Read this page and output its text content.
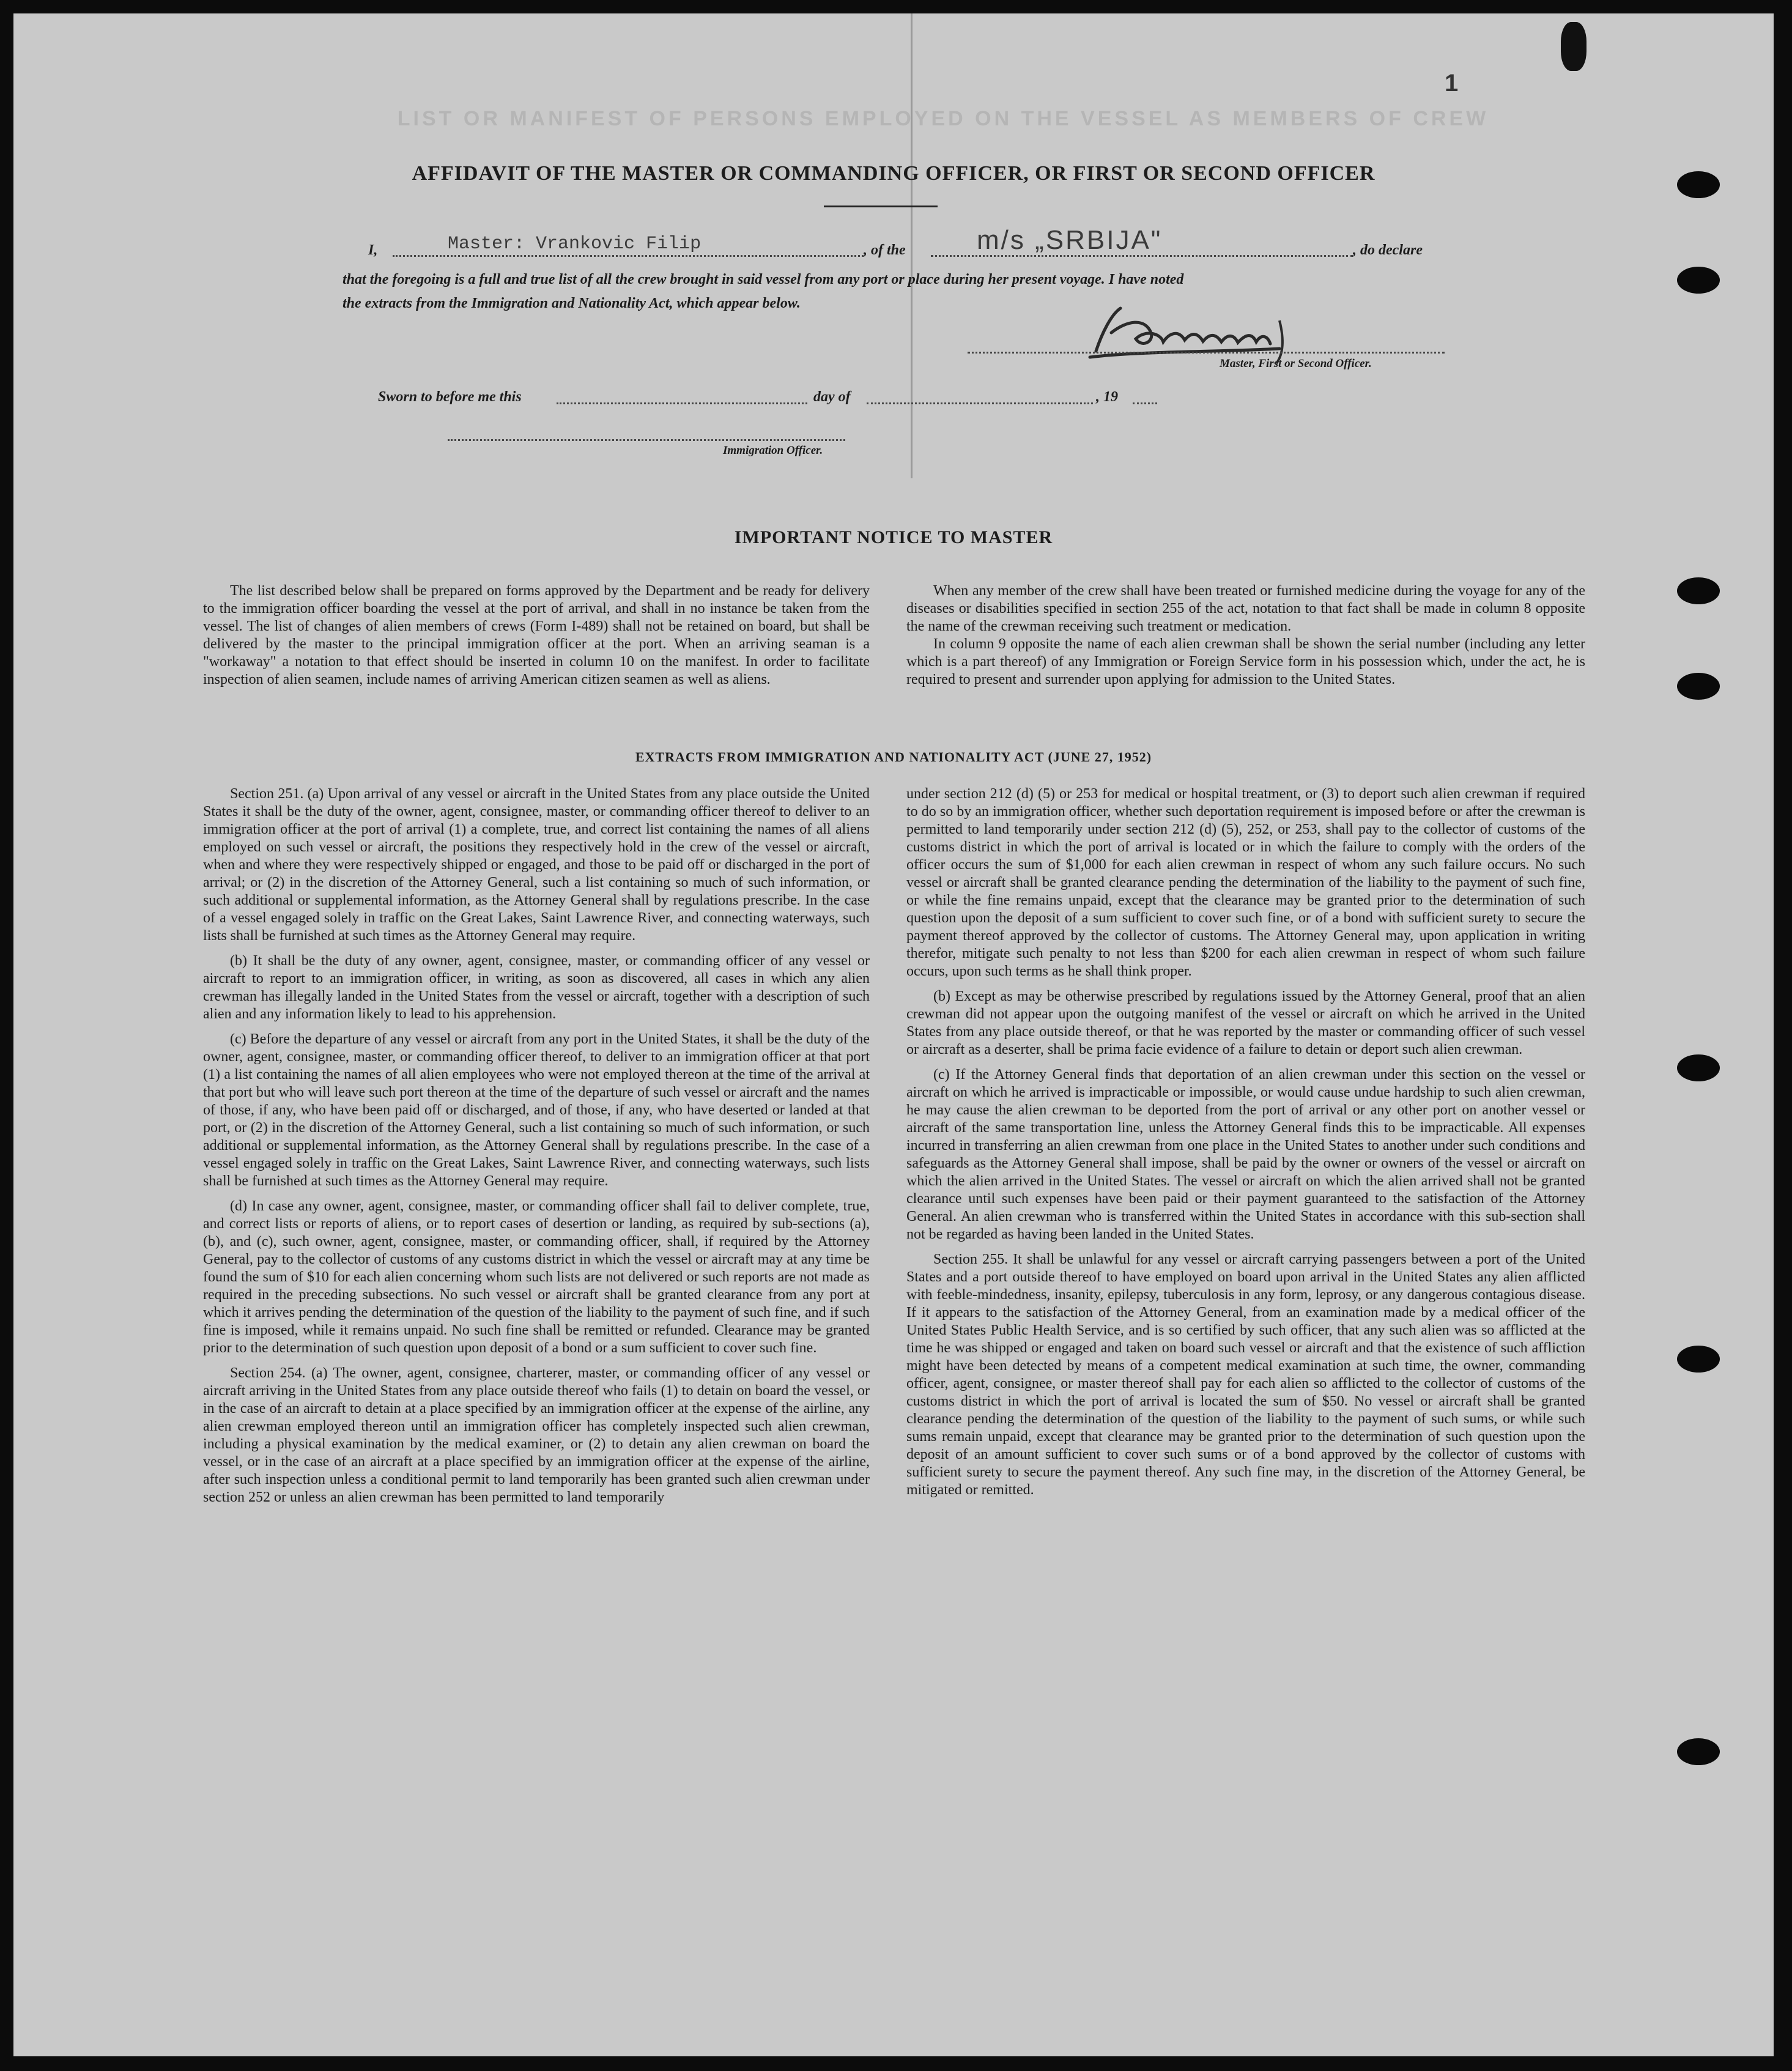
LIST OR MANIFEST OF PERSONS EMPLOYED ON THE VESSEL AS MEMBERS OF CREW
1
AFFIDAVIT OF THE MASTER OR COMMANDING OFFICER, OR FIRST OR SECOND OFFICER
I,	Master: Vrankovic Filip	, of the	m/s „SRBIJA"	, do declare
that the foregoing is a full and true list of all the crew brought in said vessel from any port or place during her present voyage. I have noted
the extracts from the Immigration and Nationality Act, which appear below.
Master, First or Second Officer.
Sworn to before me this	day of	, 19
Immigration Officer.
IMPORTANT NOTICE TO MASTER

The list described below shall be prepared on forms approved by the Department and be ready for delivery to the immigration officer boarding the vessel at the port of arrival, and shall in no instance be taken from the vessel. The list of changes of alien members of crews (Form I-489) shall not be retained on board, but shall be delivered by the master to the principal immigration officer at the port. When an arriving seaman is a "workaway" a notation to that effect should be inserted in column 10 on the manifest. In order to facilitate inspection of alien seamen, include names of arriving American citizen seamen as well as aliens.

When any member of the crew shall have been treated or furnished medicine during the voyage for any of the diseases or disabilities specified in section 255 of the act, notation to that fact shall be made in column 8 opposite the name of the crewman receiving such treatment or medication.

In column 9 opposite the name of each alien crewman shall be shown the serial number (including any letter which is a part thereof) of any Immigration or Foreign Service form in his possession which, under the act, he is required to present and surrender upon applying for admission to the United States.

EXTRACTS FROM IMMIGRATION AND NATIONALITY ACT (JUNE 27, 1952)

Section 251. (a) Upon arrival of any vessel or aircraft in the United States from any place outside the United States it shall be the duty of the owner, agent, consignee, master, or commanding officer thereof to deliver to an immigration officer at the port of arrival (1) a complete, true, and correct list containing the names of all aliens employed on such vessel or aircraft, the positions they respectively hold in the crew of the vessel or aircraft, when and where they were respectively shipped or engaged, and those to be paid off or discharged in the port of arrival; or (2) in the discretion of the Attorney General, such a list containing so much of such information, or such additional or supplemental information, as the Attorney General shall by regulations prescribe. In the case of a vessel engaged solely in traffic on the Great Lakes, Saint Lawrence River, and connecting waterways, such lists shall be furnished at such times as the Attorney General may require.

(b) It shall be the duty of any owner, agent, consignee, master, or commanding officer of any vessel or aircraft to report to an immigration officer, in writing, as soon as discovered, all cases in which any alien crewman has illegally landed in the United States from the vessel or aircraft, together with a description of such alien and any information likely to lead to his apprehension.

(c) Before the departure of any vessel or aircraft from any port in the United States, it shall be the duty of the owner, agent, consignee, master, or commanding officer thereof, to deliver to an immigration officer at that port (1) a list containing the names of all alien employees who were not employed thereon at the time of the arrival at that port but who will leave such port thereon at the time of the departure of such vessel or aircraft and the names of those, if any, who have been paid off or discharged, and of those, if any, who have deserted or landed at that port, or (2) in the discretion of the Attorney General, such a list containing so much of such information, or such additional or supplemental information, as the Attorney General shall by regulations prescribe. In the case of a vessel engaged solely in traffic on the Great Lakes, Saint Lawrence River, and connecting waterways, such lists shall be furnished at such times as the Attorney General may require.

(d) In case any owner, agent, consignee, master, or commanding officer shall fail to deliver complete, true, and correct lists or reports of aliens, or to report cases of desertion or landing, as required by sub-sections (a), (b), and (c), such owner, agent, consignee, master, or commanding officer, shall, if required by the Attorney General, pay to the collector of customs of any customs district in which the vessel or aircraft may at any time be found the sum of $10 for each alien concerning whom such lists are not delivered or such reports are not made as required in the preceding subsections. No such vessel or aircraft shall be granted clearance from any port at which it arrives pending the determination of the question of the liability to the payment of such fine, and if such fine is imposed, while it remains unpaid. No such fine shall be remitted or refunded. Clearance may be granted prior to the determination of such question upon deposit of a bond or a sum sufficient to cover such fine.

Section 254. (a) The owner, agent, consignee, charterer, master, or commanding officer of any vessel or aircraft arriving in the United States from any place outside thereof who fails (1) to detain on board the vessel, or in the case of an aircraft to detain at a place specified by an immigration officer at the expense of the airline, any alien crewman employed thereon until an immigration officer has completely inspected such alien crewman, including a physical examination by the medical examiner, or (2) to detain any alien crewman on board the vessel, or in the case of an aircraft at a place specified by an immigration officer at the expense of the airline, after such inspection unless a conditional permit to land temporarily has been granted such alien crewman under section 252 or unless an alien crewman has been permitted to land temporarily

under section 212 (d) (5) or 253 for medical or hospital treatment, or (3) to deport such alien crewman if required to do so by an immigration officer, whether such deportation requirement is imposed before or after the crewman is permitted to land temporarily under section 212 (d) (5), 252, or 253, shall pay to the collector of customs of the customs district in which the port of arrival is located or in which the failure to comply with the orders of the officer occurs the sum of $1,000 for each alien crewman in respect of whom any such failure occurs. No such vessel or aircraft shall be granted clearance pending the determination of the liability to the payment of such fine, or while the fine remains unpaid, except that the clearance may be granted prior to the determination of such question upon the deposit of a sum sufficient to cover such fine, or of a bond with sufficient surety to secure the payment thereof approved by the collector of customs. The Attorney General may, upon application in writing therefor, mitigate such penalty to not less than $200 for each alien crewman in respect of whom such failure occurs, upon such terms as he shall think proper.

(b) Except as may be otherwise prescribed by regulations issued by the Attorney General, proof that an alien crewman did not appear upon the outgoing manifest of the vessel or aircraft on which he arrived in the United States from any place outside thereof, or that he was reported by the master or commanding officer of such vessel or aircraft as a deserter, shall be prima facie evidence of a failure to detain or deport such alien crewman.

(c) If the Attorney General finds that deportation of an alien crewman under this section on the vessel or aircraft on which he arrived is impracticable or impossible, or would cause undue hardship to such alien crewman, he may cause the alien crewman to be deported from the port of arrival or any other port on another vessel or aircraft of the same transportation line, unless the Attorney General finds this to be impracticable. All expenses incurred in transferring an alien crewman from one place in the United States to another under such conditions and safeguards as the Attorney General shall impose, shall be paid by the owner or owners of the vessel or aircraft on which the alien arrived in the United States. The vessel or aircraft on which the alien arrived shall not be granted clearance until such expenses have been paid or their payment guaranteed to the satisfaction of the Attorney General. An alien crewman who is transferred within the United States in accordance with this sub-section shall not be regarded as having been landed in the United States.

Section 255. It shall be unlawful for any vessel or aircraft carrying passengers between a port of the United States and a port outside thereof to have employed on board upon arrival in the United States any alien afflicted with feeble-mindedness, insanity, epilepsy, tuberculosis in any form, leprosy, or any dangerous contagious disease. If it appears to the satisfaction of the Attorney General, from an examination made by a medical officer of the United States Public Health Service, and is so certified by such officer, that any such alien was so afflicted at the time he was shipped or engaged and taken on board such vessel or aircraft and that the existence of such affliction might have been detected by means of a competent medical examination at such time, the owner, commanding officer, agent, consignee, or master thereof shall pay for each alien so afflicted to the collector of customs of the customs district in which the port of arrival is located the sum of $50. No vessel or aircraft shall be granted clearance pending the determination of the question of the liability to the payment of such sums, or while such sums remain unpaid, except that clearance may be granted prior to the determination of such question upon the deposit of an amount sufficient to cover such sums or of a bond approved by the collector of customs with sufficient surety to secure the payment thereof. Any such fine may, in the discretion of the Attorney General, be mitigated or remitted.
